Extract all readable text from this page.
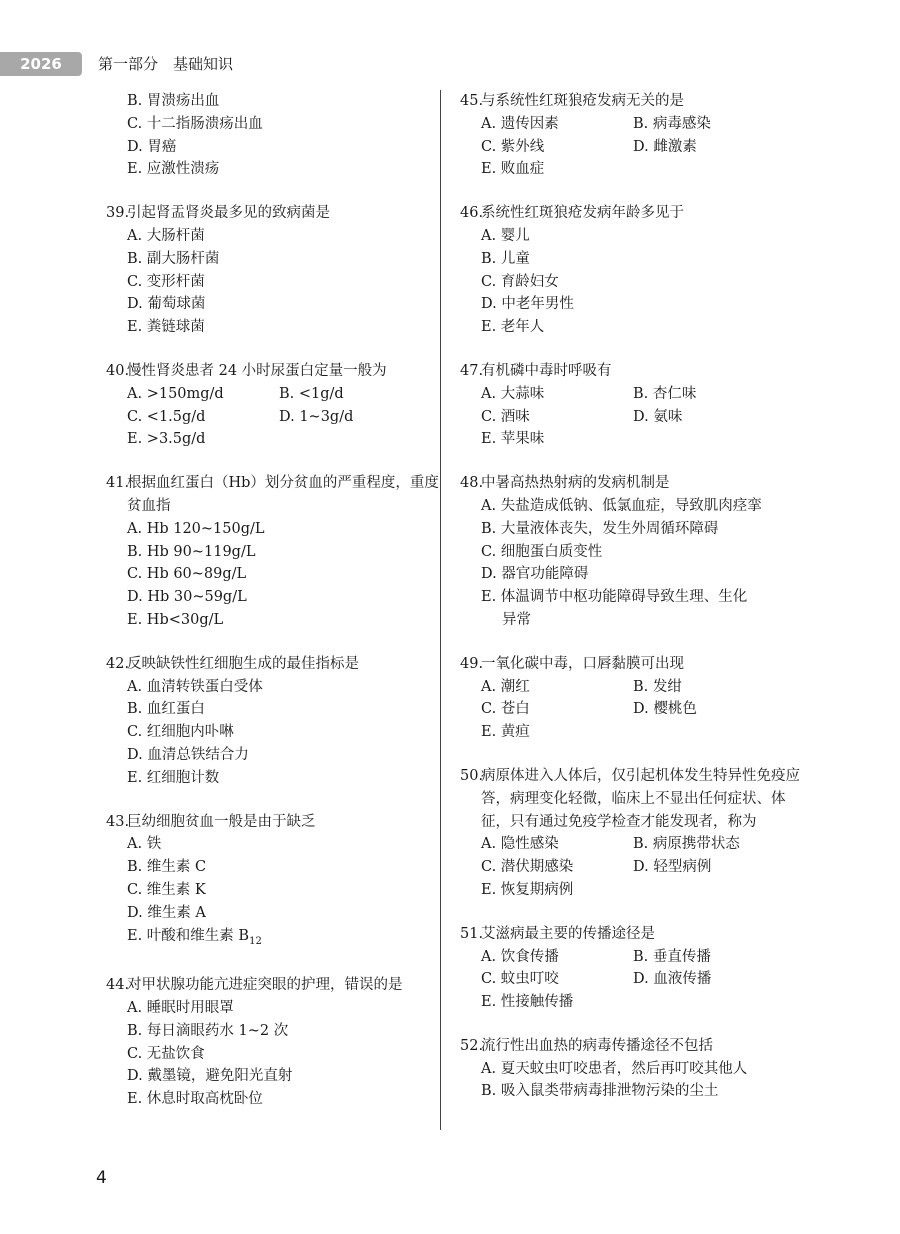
2026	第一部分　基础知识
B. 胃溃疡出血
C. 十二指肠溃疡出血
D. 胃癌
E. 应激性溃疡
39.
引起肾盂肾炎最多见的致病菌是
A. 大肠杆菌
B. 副大肠杆菌
C. 变形杆菌
D. 葡萄球菌
E. 粪链球菌
40.
慢性肾炎患者 24 小时尿蛋白定量一般为
A. >150mg/d	B. <1g/d
C. <1.5g/d	D. 1~3g/d
E. >3.5g/d
41.
根据血红蛋白（Hb）划分贫血的严重程度，重度贫血指
A. Hb 120~150g/L
B. Hb 90~119g/L
C. Hb 60~89g/L
D. Hb 30~59g/L
E. Hb<30g/L
42.
反映缺铁性红细胞生成的最佳指标是
A. 血清转铁蛋白受体
B. 血红蛋白
C. 红细胞内卟啉
D. 血清总铁结合力
E. 红细胞计数
43.
巨幼细胞贫血一般是由于缺乏
A. 铁
B. 维生素 C
C. 维生素 K
D. 维生素 A
E. 叶酸和维生素 $B_{12}$
44.
对甲状腺功能亢进症突眼的护理，错误的是
A. 睡眠时用眼罩
B. 每日滴眼药水 1~2 次
C. 无盐饮食
D. 戴墨镜，避免阳光直射
E. 休息时取高枕卧位
45.
与系统性红斑狼疮发病无关的是
A. 遗传因素	B. 病毒感染
C. 紫外线	D. 雌激素
E. 败血症
46.
系统性红斑狼疮发病年龄多见于
A. 婴儿
B. 儿童
C. 育龄妇女
D. 中老年男性
E. 老年人
47.
有机磷中毒时呼吸有
A. 大蒜味	B. 杏仁味
C. 酒味	D. 氨味
E. 苹果味
48.
中暑高热热射病的发病机制是
A. 失盐造成低钠、低氯血症，导致肌肉痉挛
B. 大量液体丧失，发生外周循环障碍
C. 细胞蛋白质变性
D. 器官功能障碍
E. 体温调节中枢功能障碍导致生理、生化
异常
49.
一氧化碳中毒，口唇黏膜可出现
A. 潮红	B. 发绀
C. 苍白	D. 樱桃色
E. 黄疸
50.
病原体进入人体后，仅引起机体发生特异性免疫应答，病理变化轻微，临床上不显出任何症状、体征，只有通过免疫学检查才能发现者，称为
A. 隐性感染	B. 病原携带状态
C. 潜伏期感染	D. 轻型病例
E. 恢复期病例
51.
艾滋病最主要的传播途径是
A. 饮食传播	B. 垂直传播
C. 蚊虫叮咬	D. 血液传播
E. 性接触传播
52.
流行性出血热的病毒传播途径不包括
A. 夏天蚊虫叮咬患者，然后再叮咬其他人
B. 吸入鼠类带病毒排泄物污染的尘土
4
